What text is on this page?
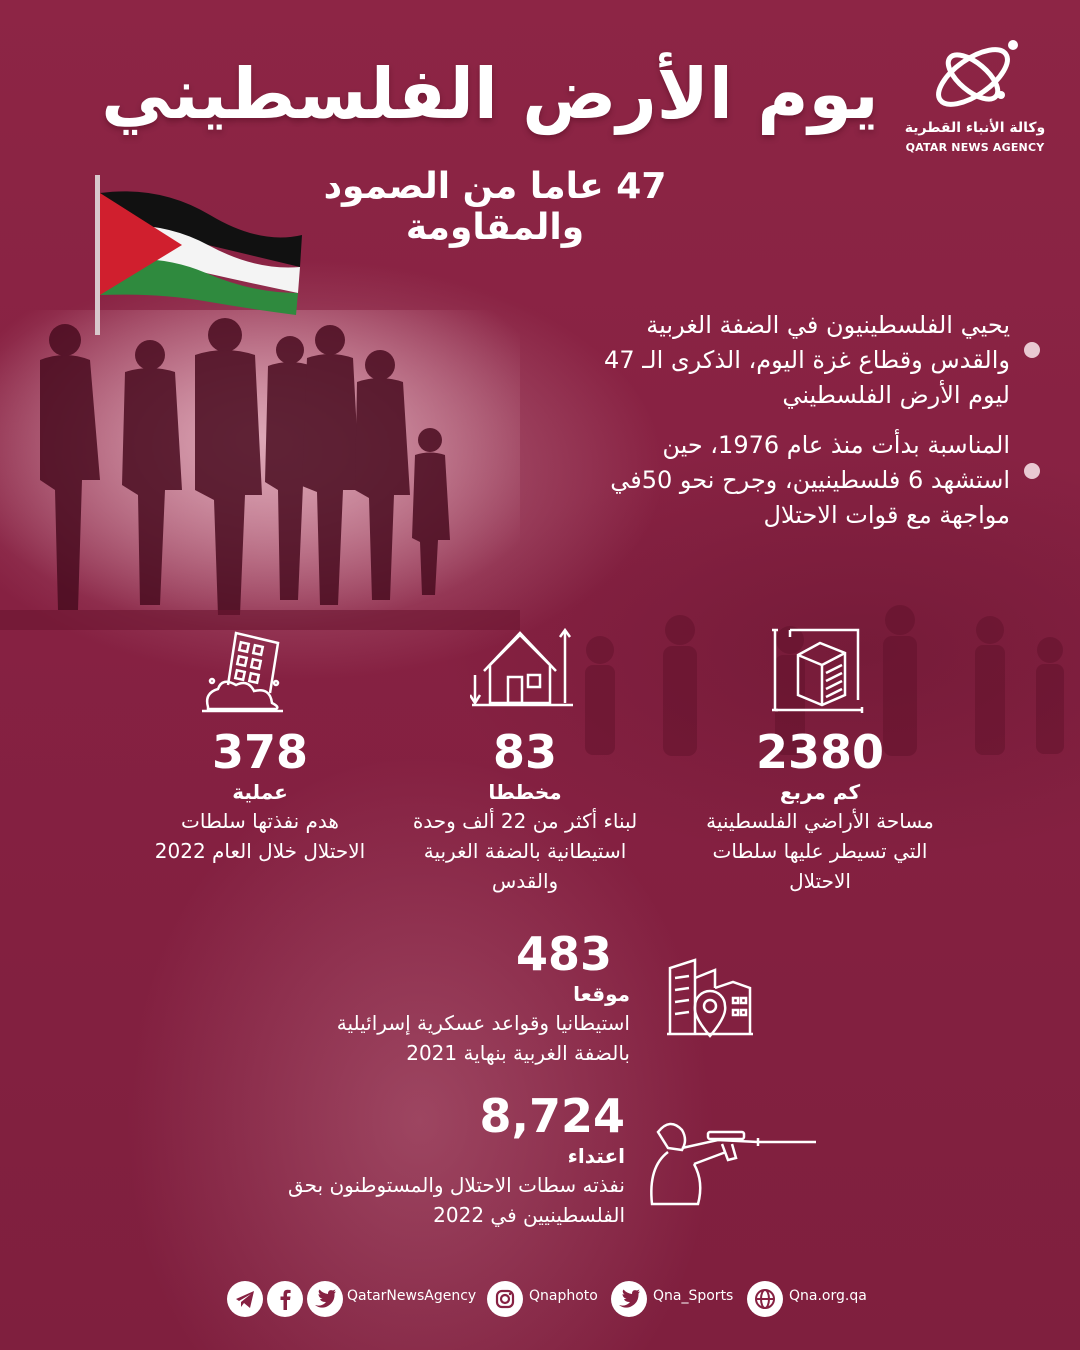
وكالة الأنباء القطرية
QATAR NEWS AGENCY
يوم الأرض الفلسطيني
47 عاما من الصمود والمقاومة
يحيي الفلسطينيون في الضفة الغربية والقدس وقطاع غزة اليوم، الذكرى الـ 47 ليوم الأرض الفلسطيني
المناسبة بدأت منذ عام 1976، حين استشهد 6 فلسطينيين، وجرح نحو 50في مواجهة مع قوات الاحتلال
2380
كم مربع
مساحة الأراضي الفلسطينية التي تسيطر عليها سلطات الاحتلال
83
مخططا
لبناء أكثر من 22 ألف وحدة استيطانية بالضفة الغربية والقدس
378
عملية
هدم نفذتها سلطات الاحتلال خلال العام 2022
483
موقعا
استيطانيا وقواعد عسكرية إسرائيلية بالضفة الغربية بنهاية 2021
8,724
اعتداء
نفذته سطات الاحتلال والمستوطنون بحق الفلسطينيين في 2022
QatarNewsAgency	Qnaphoto	Qna_Sports	Qna.org.qa
